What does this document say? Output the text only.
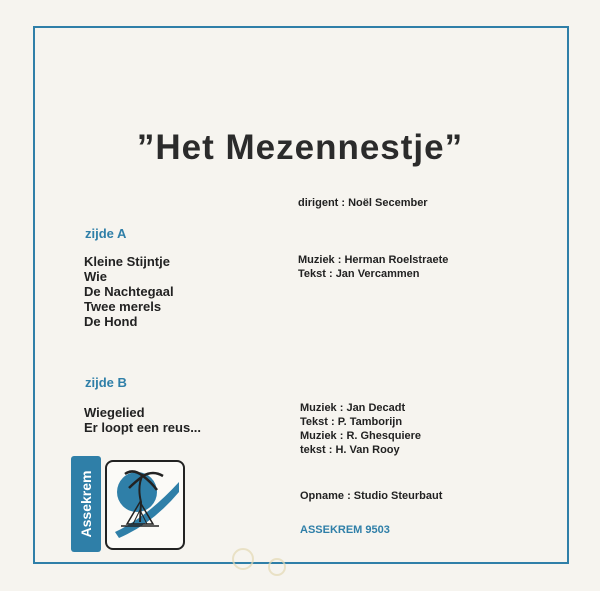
”Het Mezennestje”
dirigent : Noël Secember
zijde A
Kleine Stijntje
Wie
De Nachtegaal
Twee merels
De Hond
Muziek : Herman Roelstraete
Tekst : Jan Vercammen
zijde B
Wiegelied
Er loopt een reus...
Muziek : Jan Decadt
Tekst : P. Tamborijn
Muziek : R. Ghesquiere
tekst : H. Van Rooy
Opname : Studio Steurbaut
ASSEKREM 9503
Assekrem
